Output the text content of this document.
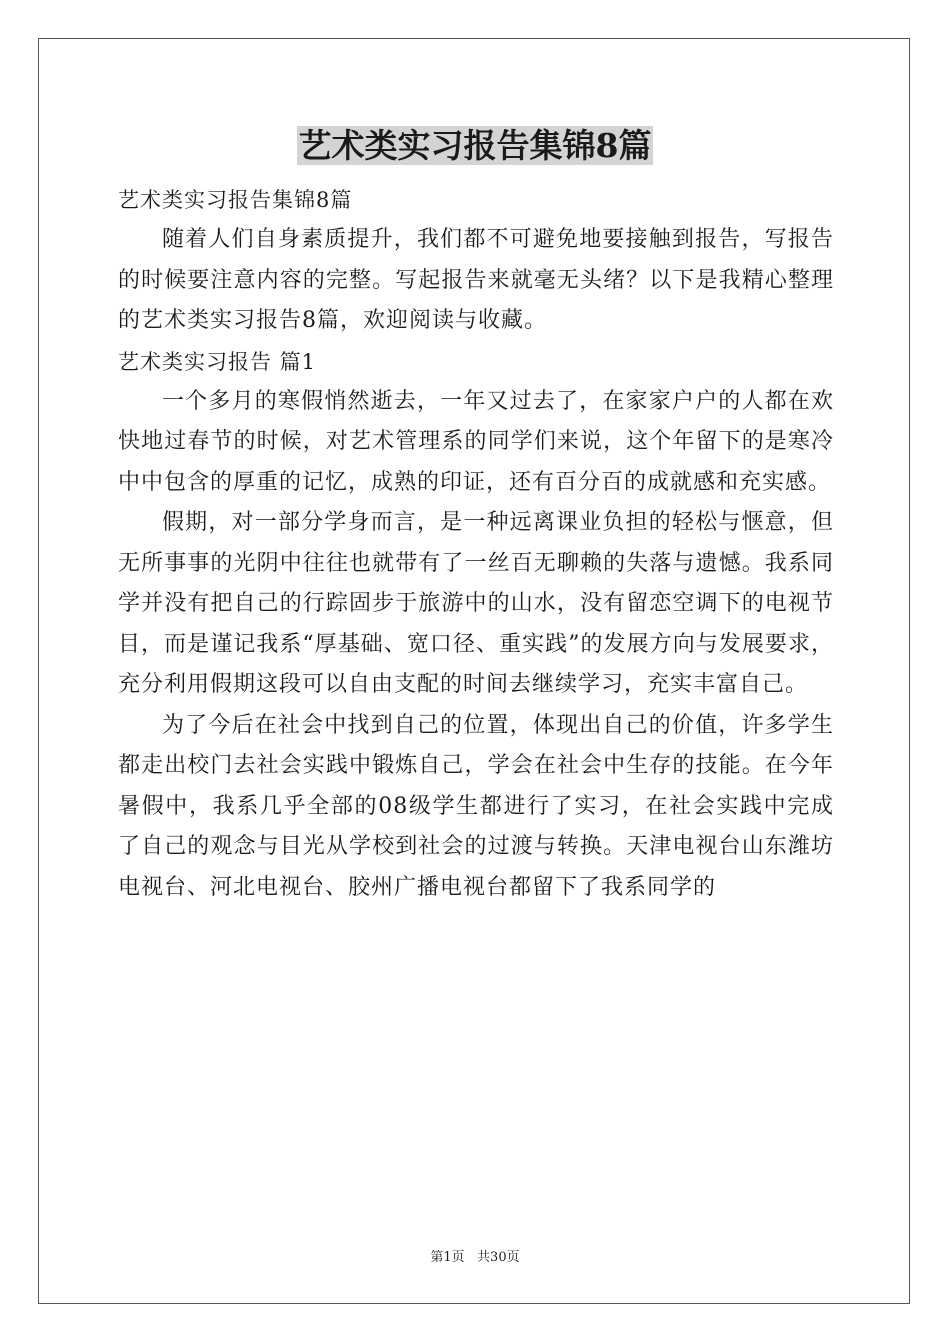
艺术类实习报告集锦8篇

艺术类实习报告集锦8篇

随着人们自身素质提升，我们都不可避免地要接触到报告，写报告的时候要注意内容的完整。写起报告来就毫无头绪？以下是我精心整理的艺术类实习报告8篇，欢迎阅读与收藏。

艺术类实习报告 篇1

一个多月的寒假悄然逝去，一年又过去了，在家家户户的人都在欢快地过春节的时候，对艺术管理系的同学们来说，这个年留下的是寒冷中中包含的厚重的记忆，成熟的印证，还有百分百的成就感和充实感。

假期，对一部分学身而言，是一种远离课业负担的轻松与惬意，但无所事事的光阴中往往也就带有了一丝百无聊赖的失落与遗憾。我系同学并没有把自己的行踪固步于旅游中的山水，没有留恋空调下的电视节目，而是谨记我系“厚基础、宽口径、重实践”的发展方向与发展要求，充分利用假期这段可以自由支配的时间去继续学习，充实丰富自己。

为了今后在社会中找到自己的位置，体现出自己的价值，许多学生都走出校门去社会实践中锻炼自己，学会在社会中生存的技能。在今年暑假中，我系几乎全部的08级学生都进行了实习，在社会实践中完成了自己的观念与目光从学校到社会的过渡与转换。天津电视台山东潍坊电视台、河北电视台、胶州广播电视台都留下了我系同学的

第1页   共30页
